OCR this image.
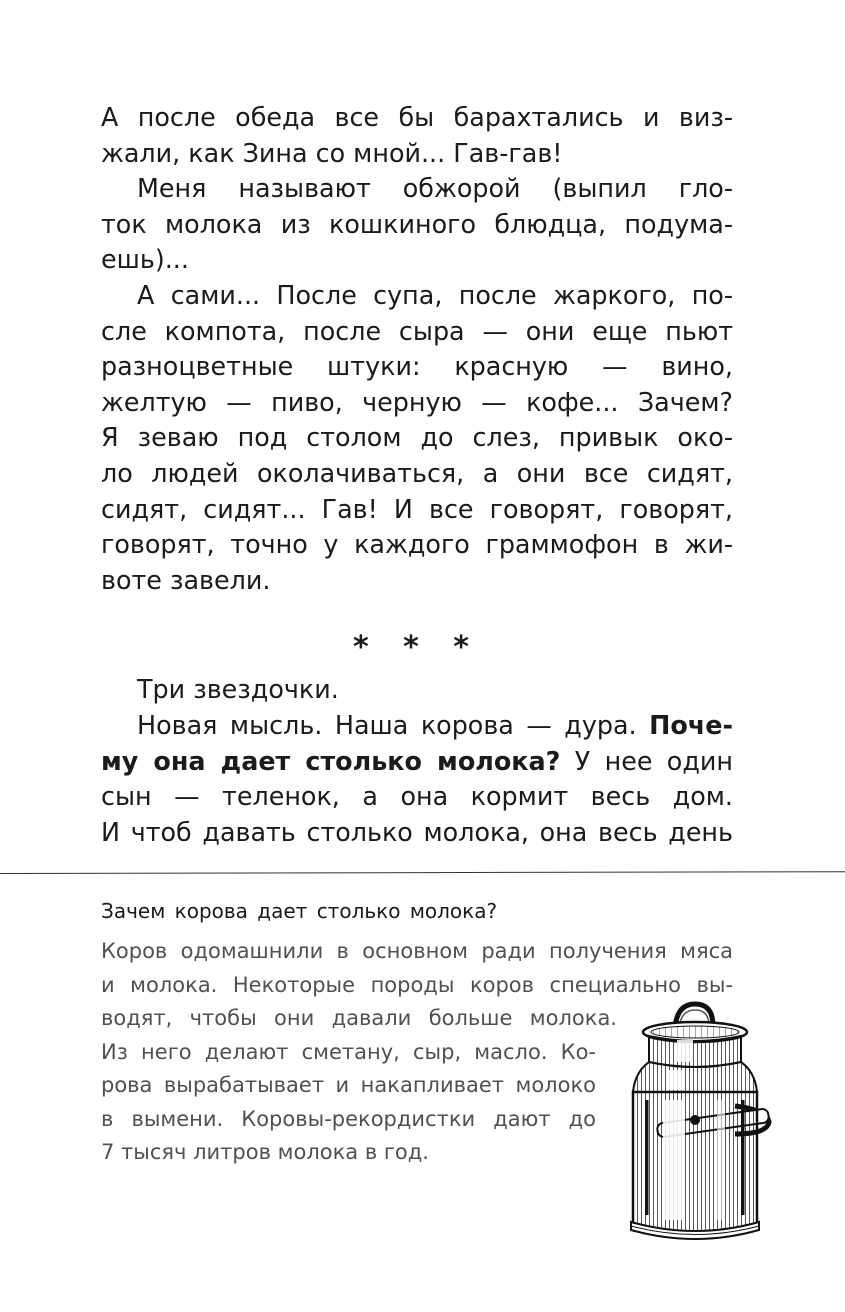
А после обеда все бы барахтались и виз-
жали, как Зина со мной... Гав-гав!
Меня называют обжорой (выпил гло-
ток молока из кошкиного блюдца, подума-
ешь)...
А сами... После супа, после жаркого, по-
сле компота, после сыра — они еще пьют
разноцветные штуки: красную — вино,
желтую — пиво, черную — кофе... Зачем?
Я зеваю под столом до слез, привык око-
ло людей околачиваться, а они все сидят,
сидят, сидят... Гав! И все говорят, говорят,
говорят, точно у каждого граммофон в жи-
воте завели.
* * *
Три звездочки.
Новая мысль. Наша корова — дура. Поче-
му она дает столько молока? У нее один
сын — теленок, а она кормит весь дом.
И чтоб давать столько молока, она весь день
Зачем корова дает столько молока?
Коров одомашнили в основном ради получения мяса
и молока. Некоторые породы коров специально вы-
водят, чтобы они давали больше молока.
Из него делают сметану, сыр, масло. Ко-
рова вырабатывает и накапливает молоко
в вымени. Коровы-рекордистки дают до
7 тысяч литров молока в год.
